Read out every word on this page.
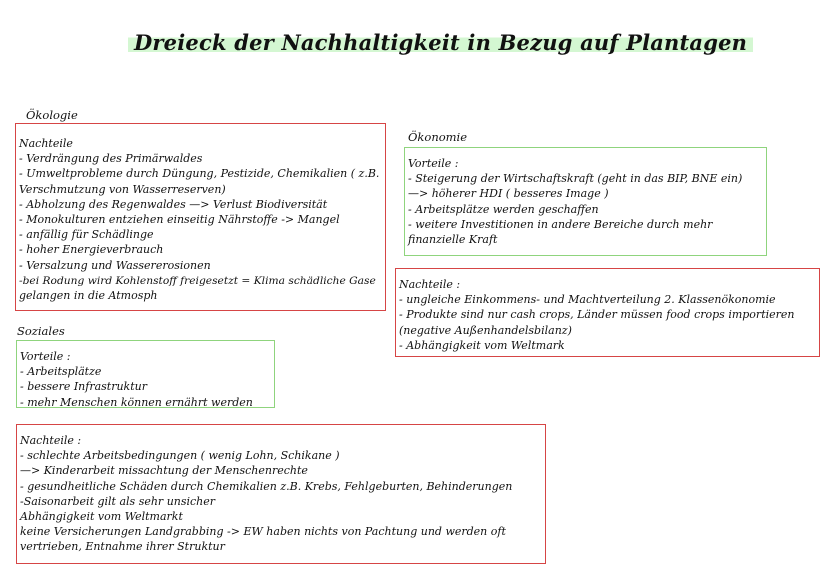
Dreieck der Nachhaltigkeit in Bezug auf Plantagen
Ökologie
Nachteile
- Verdrängung des Primärwaldes
- Umweltprobleme durch Düngung, Pestizide, Chemikalien ( z.B.
Verschmutzung von Wasserreserven)
- Abholzung des Regenwaldes —> Verlust Biodiversität
- Monokulturen entziehen einseitig Nährstoffe -> Mangel
- anfällig für Schädlinge
- hoher Energieverbrauch
- Versalzung und Wassererosionen
-bei Rodung wird Kohlenstoff freigesetzt = Klima schädliche Gase
gelangen in die Atmosph
Ökonomie
Vorteile :
- Steigerung der Wirtschaftskraft (geht in das BIP, BNE ein)
—> höherer HDI ( besseres Image )
- Arbeitsplätze werden geschaffen
- weitere Investitionen in andere Bereiche durch mehr
finanzielle Kraft
Nachteile :
- ungleiche Einkommens- und Machtverteilung 2. Klassenökonomie
- Produkte sind nur cash crops, Länder müssen food crops importieren
(negative Außenhandelsbilanz)
- Abhängigkeit vom Weltmark
Soziales
Vorteile :
- Arbeitsplätze
- bessere Infrastruktur
- mehr Menschen können ernährt werden
Nachteile :
- schlechte Arbeitsbedingungen ( wenig Lohn, Schikane )
—> Kinderarbeit missachtung der Menschenrechte
- gesundheitliche Schäden durch Chemikalien z.B. Krebs, Fehlgeburten, Behinderungen
-Saisonarbeit gilt als sehr unsicher
Abhängigkeit vom Weltmarkt
keine Versicherungen Landgrabbing -> EW haben nichts von Pachtung und werden oft
vertrieben, Entnahme ihrer Struktur
